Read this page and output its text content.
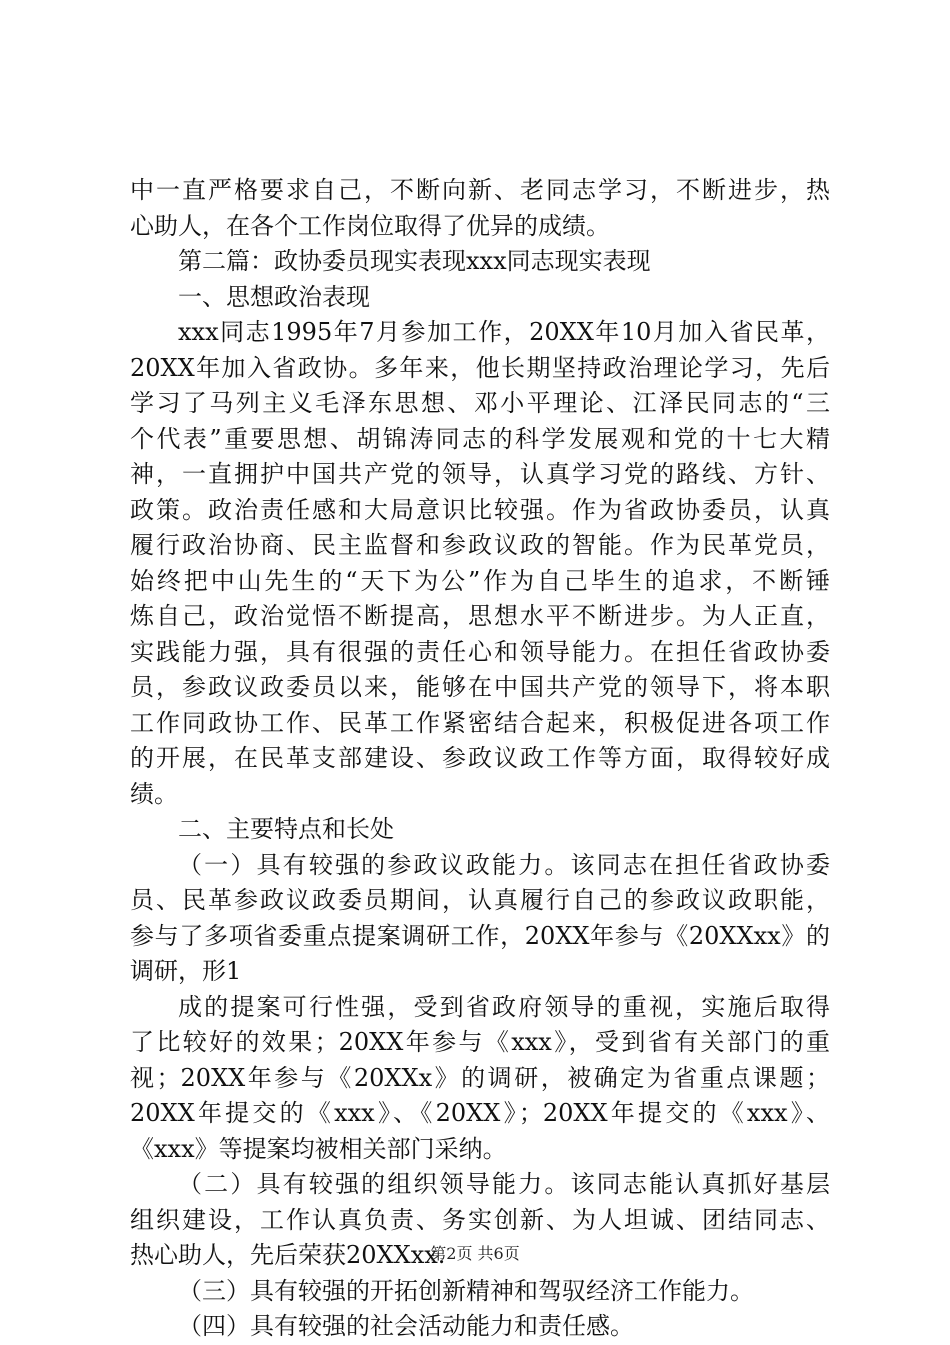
中一直严格要求自己，不断向新、老同志学习，不断进步，热
心助人，在各个工作岗位取得了优异的成绩。
第二篇：政协委员现实表现xxx同志现实表现
一、思想政治表现
xxx同志1995年7月参加工作，20XX年10月加入省民革，
20XX年加入省政协。多年来，他长期坚持政治理论学习，先后
学习了马列主义毛泽东思想、邓小平理论、江泽民同志的“三
个代表”重要思想、胡锦涛同志的科学发展观和党的十七大精
神，一直拥护中国共产党的领导，认真学习党的路线、方针、
政策。政治责任感和大局意识比较强。作为省政协委员，认真
履行政治协商、民主监督和参政议政的智能。作为民革党员，
始终把中山先生的“天下为公”作为自己毕生的追求，不断锤
炼自己，政治觉悟不断提高，思想水平不断进步。为人正直，
实践能力强，具有很强的责任心和领导能力。在担任省政协委
员，参政议政委员以来，能够在中国共产党的领导下，将本职
工作同政协工作、民革工作紧密结合起来，积极促进各项工作
的开展，在民革支部建设、参政议政工作等方面，取得较好成
绩。
二、主要特点和长处
（一）具有较强的参政议政能力。该同志在担任省政协委
员、民革参政议政委员期间，认真履行自己的参政议政职能，
参与了多项省委重点提案调研工作，20XX年参与《20XXxx》的
调研，形1
成的提案可行性强，受到省政府领导的重视，实施后取得
了比较好的效果；20XX年参与《xxx》，受到省有关部门的重
视；20XX年参与《20XXx》的调研，被确定为省重点课题；
20XX年提交的《xxx》、《20XX》；20XX年提交的《xxx》、
《xxx》等提案均被相关部门采纳。
（二）具有较强的组织领导能力。该同志能认真抓好基层
组织建设，工作认真负责、务实创新、为人坦诚、团结同志、
热心助人，先后荣获20XXxx.
（三）具有较强的开拓创新精神和驾驭经济工作能力。
（四）具有较强的社会活动能力和责任感。
第2页 共6页
